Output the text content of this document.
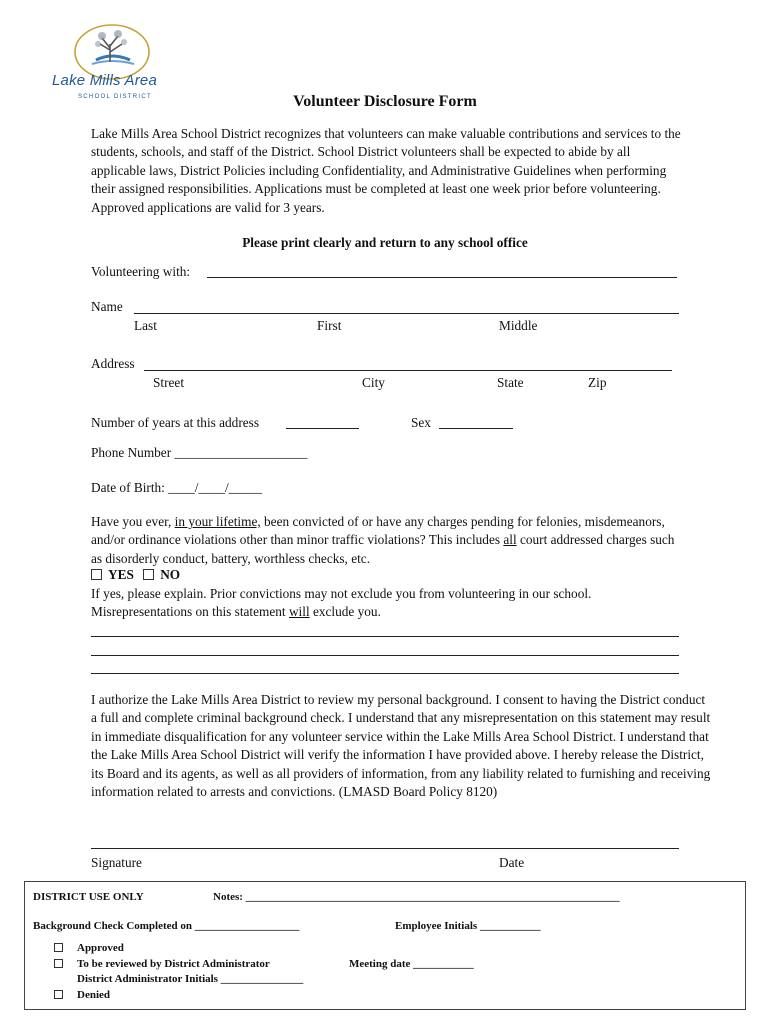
Lake Mills Area
SCHOOL DISTRICT	Volunteer Disclosure Form
Lake Mills Area School District recognizes that volunteers can make valuable contributions and services to the students, schools, and staff of the District. School District volunteers shall be expected to abide by all applicable laws, District Policies including Confidentiality, and Administrative Guidelines when performing their assigned responsibilities. Applications must be completed at least one week prior before volunteering. Approved applications are valid for 3 years.
Please print clearly and return to any school office
Volunteering with:
Name
Last	First	Middle
Address
Street	City	State	Zip
Number of years at this address	Sex
Phone Number ____________________
Date of Birth: ____/____/_____
Have you ever, in your lifetime, been convicted of or have any charges pending for felonies, misdemeanors, and/or ordinance violations other than minor traffic violations? This includes all court addressed charges such as disorderly conduct, battery, worthless checks, etc.
YES NO
If yes, please explain. Prior convictions may not exclude you from volunteering in our school. Misrepresentations on this statement will exclude you.
I authorize the Lake Mills Area District to review my personal background. I consent to having the District conduct a full and complete criminal background check. I understand that any misrepresentation on this statement may result in immediate disqualification for any volunteer service within the Lake Mills Area School District. I understand that the Lake Mills Area School District will verify the information I have provided above. I hereby release the District, its Board and its agents, as well as all providers of information, from any liability related to furnishing and receiving information related to arrests and convictions. (LMASD Board Policy 8120)
Signature	Date
DISTRICT USE ONLY	Notes: ____________________________________________________________________
Background Check Completed on ___________________	Employee Initials ___________
Approved
To be reviewed by District Administrator	Meeting date ___________
District Administrator Initials _______________
Denied
